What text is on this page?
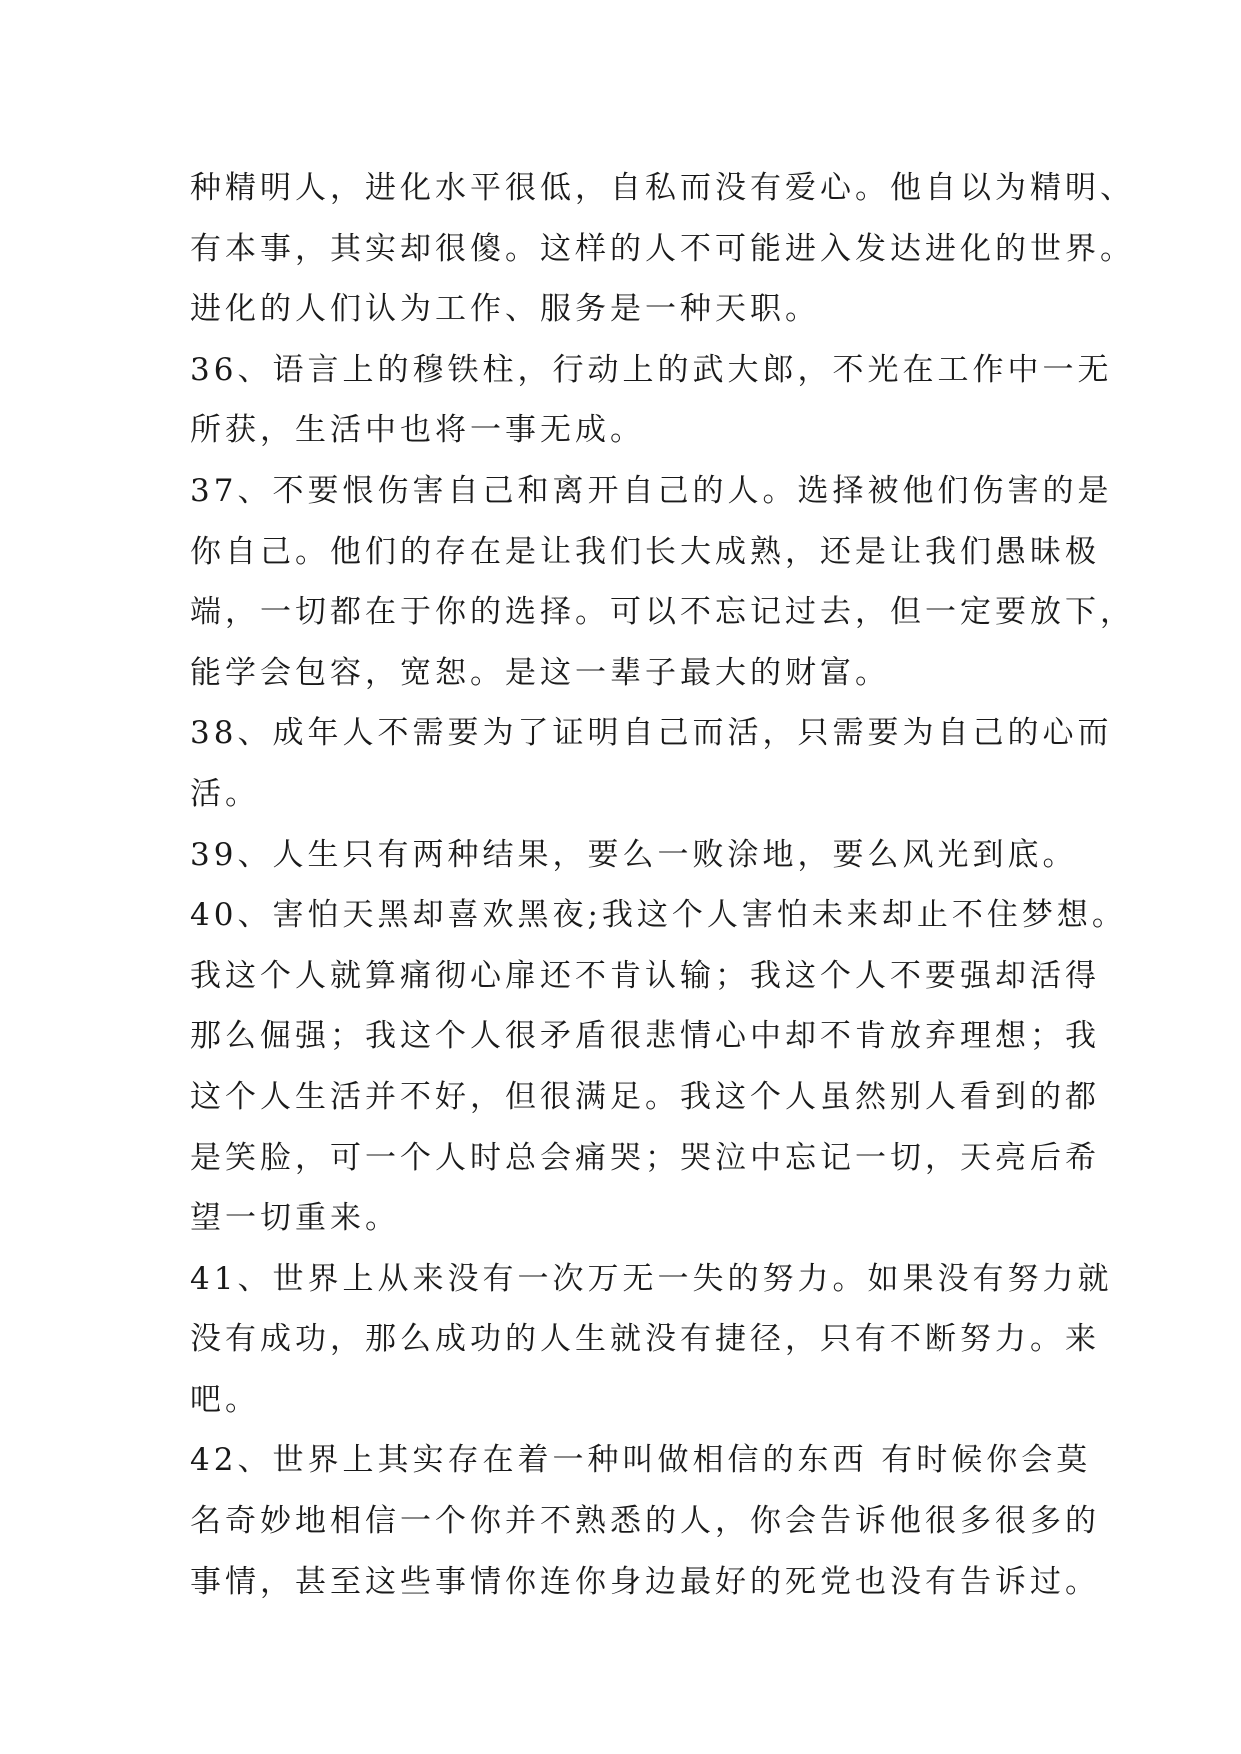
种精明人，进化水平很低，自私而没有爱心。他自以为精明、
有本事，其实却很傻。这样的人不可能进入发达进化的世界。
进化的人们认为工作、服务是一种天职。
36、语言上的穆铁柱，行动上的武大郎，不光在工作中一无
所获，生活中也将一事无成。
37、不要恨伤害自己和离开自己的人。选择被他们伤害的是
你自己。他们的存在是让我们长大成熟，还是让我们愚昧极
端，一切都在于你的选择。可以不忘记过去，但一定要放下，
能学会包容，宽恕。是这一辈子最大的财富。
38、成年人不需要为了证明自己而活，只需要为自己的心而
活。
39、人生只有两种结果，要么一败涂地，要么风光到底。
40、害怕天黑却喜欢黑夜;我这个人害怕未来却止不住梦想。
我这个人就算痛彻心扉还不肯认输；我这个人不要强却活得
那么倔强；我这个人很矛盾很悲情心中却不肯放弃理想；我
这个人生活并不好，但很满足。我这个人虽然别人看到的都
是笑脸，可一个人时总会痛哭；哭泣中忘记一切，天亮后希
望一切重来。
41、世界上从来没有一次万无一失的努力。如果没有努力就
没有成功，那么成功的人生就没有捷径，只有不断努力。来
吧。
42、世界上其实存在着一种叫做相信的东西 有时候你会莫
名奇妙地相信一个你并不熟悉的人，你会告诉他很多很多的
事情，甚至这些事情你连你身边最好的死党也没有告诉过。
